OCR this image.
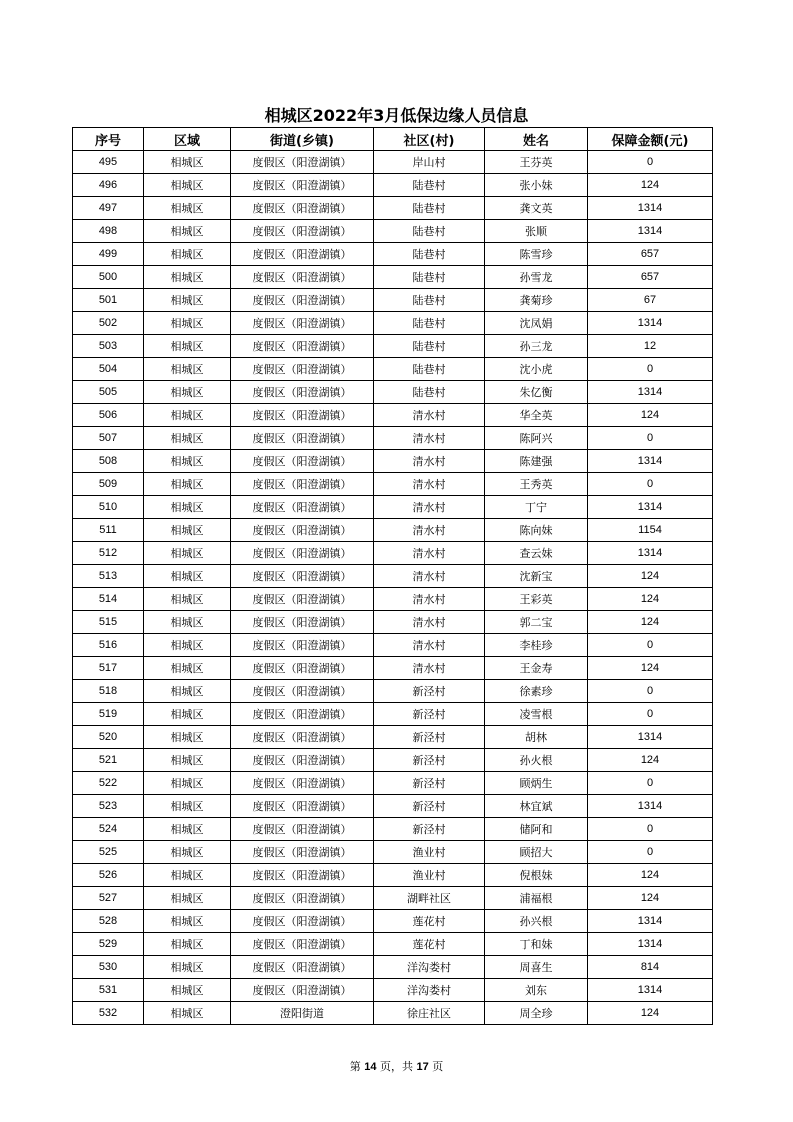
相城区2022年3月低保边缘人员信息
序号	区域	街道(乡镇)	社区(村)	姓名	保障金额(元)
495	相城区	度假区（阳澄湖镇）	岸山村	王芬英	0
496	相城区	度假区（阳澄湖镇）	陆巷村	张小妹	124
497	相城区	度假区（阳澄湖镇）	陆巷村	龚文英	1314
498	相城区	度假区（阳澄湖镇）	陆巷村	张顺	1314
499	相城区	度假区（阳澄湖镇）	陆巷村	陈雪珍	657
500	相城区	度假区（阳澄湖镇）	陆巷村	孙雪龙	657
501	相城区	度假区（阳澄湖镇）	陆巷村	龚菊珍	67
502	相城区	度假区（阳澄湖镇）	陆巷村	沈凤娟	1314
503	相城区	度假区（阳澄湖镇）	陆巷村	孙三龙	12
504	相城区	度假区（阳澄湖镇）	陆巷村	沈小虎	0
505	相城区	度假区（阳澄湖镇）	陆巷村	朱亿衡	1314
506	相城区	度假区（阳澄湖镇）	清水村	华全英	124
507	相城区	度假区（阳澄湖镇）	清水村	陈阿兴	0
508	相城区	度假区（阳澄湖镇）	清水村	陈建强	1314
509	相城区	度假区（阳澄湖镇）	清水村	王秀英	0
510	相城区	度假区（阳澄湖镇）	清水村	丁宁	1314
511	相城区	度假区（阳澄湖镇）	清水村	陈向妹	1154
512	相城区	度假区（阳澄湖镇）	清水村	查云妹	1314
513	相城区	度假区（阳澄湖镇）	清水村	沈新宝	124
514	相城区	度假区（阳澄湖镇）	清水村	王彩英	124
515	相城区	度假区（阳澄湖镇）	清水村	郭二宝	124
516	相城区	度假区（阳澄湖镇）	清水村	李桂珍	0
517	相城区	度假区（阳澄湖镇）	清水村	王金寿	124
518	相城区	度假区（阳澄湖镇）	新泾村	徐素珍	0
519	相城区	度假区（阳澄湖镇）	新泾村	凌雪根	0
520	相城区	度假区（阳澄湖镇）	新泾村	胡林	1314
521	相城区	度假区（阳澄湖镇）	新泾村	孙火根	124
522	相城区	度假区（阳澄湖镇）	新泾村	顾炳生	0
523	相城区	度假区（阳澄湖镇）	新泾村	林宜斌	1314
524	相城区	度假区（阳澄湖镇）	新泾村	储阿和	0
525	相城区	度假区（阳澄湖镇）	渔业村	顾招大	0
526	相城区	度假区（阳澄湖镇）	渔业村	倪根妹	124
527	相城区	度假区（阳澄湖镇）	湖畔社区	浦福根	124
528	相城区	度假区（阳澄湖镇）	莲花村	孙兴根	1314
529	相城区	度假区（阳澄湖镇）	莲花村	丁和妹	1314
530	相城区	度假区（阳澄湖镇）	洋沟娄村	周喜生	814
531	相城区	度假区（阳澄湖镇）	洋沟娄村	刘东	1314
532	相城区	澄阳街道	徐庄社区	周全珍	124
第 14 页，共 17 页
